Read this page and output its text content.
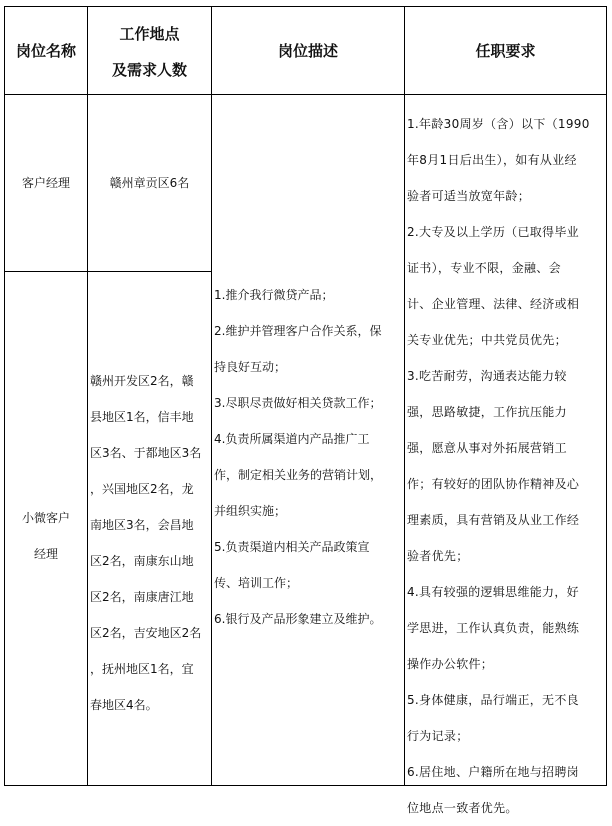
岗位名称
工作地点
及需求人数
岗位描述	任职要求
客户经理	赣州章贡区6名
小微客户
经理

赣州开发区2名，赣

县地区1名，信丰地

区3名、于都地区3名

，兴国地区2名，龙

南地区3名，会昌地

区2名，南康东山地

区2名，南康唐江地

区2名，吉安地区2名

，抚州地区1名，宜

春地区4名。

1.推介我行微贷产品；

2.维护并管理客户合作关系，保

持良好互动；

3.尽职尽责做好相关贷款工作；

4.负责所属渠道内产品推广工

作，制定相关业务的营销计划，

并组织实施；

5.负责渠道内相关产品政策宣

传、培训工作；

6.银行及产品形象建立及维护。

1.年龄30周岁（含）以下（1990

年8月1日后出生），如有从业经

验者可适当放宽年龄；

2.大专及以上学历（已取得毕业

证书），专业不限，金融、会

计、企业管理、法律、经济或相

关专业优先；中共党员优先；

3.吃苦耐劳，沟通表达能力较

强，思路敏捷，工作抗压能力

强，愿意从事对外拓展营销工

作；有较好的团队协作精神及心

理素质，具有营销及从业工作经

验者优先；

4.具有较强的逻辑思维能力，好

学思进，工作认真负责，能熟练

操作办公软件；

5.身体健康，品行端正，无不良

行为记录；

6.居住地、户籍所在地与招聘岗

位地点一致者优先。
